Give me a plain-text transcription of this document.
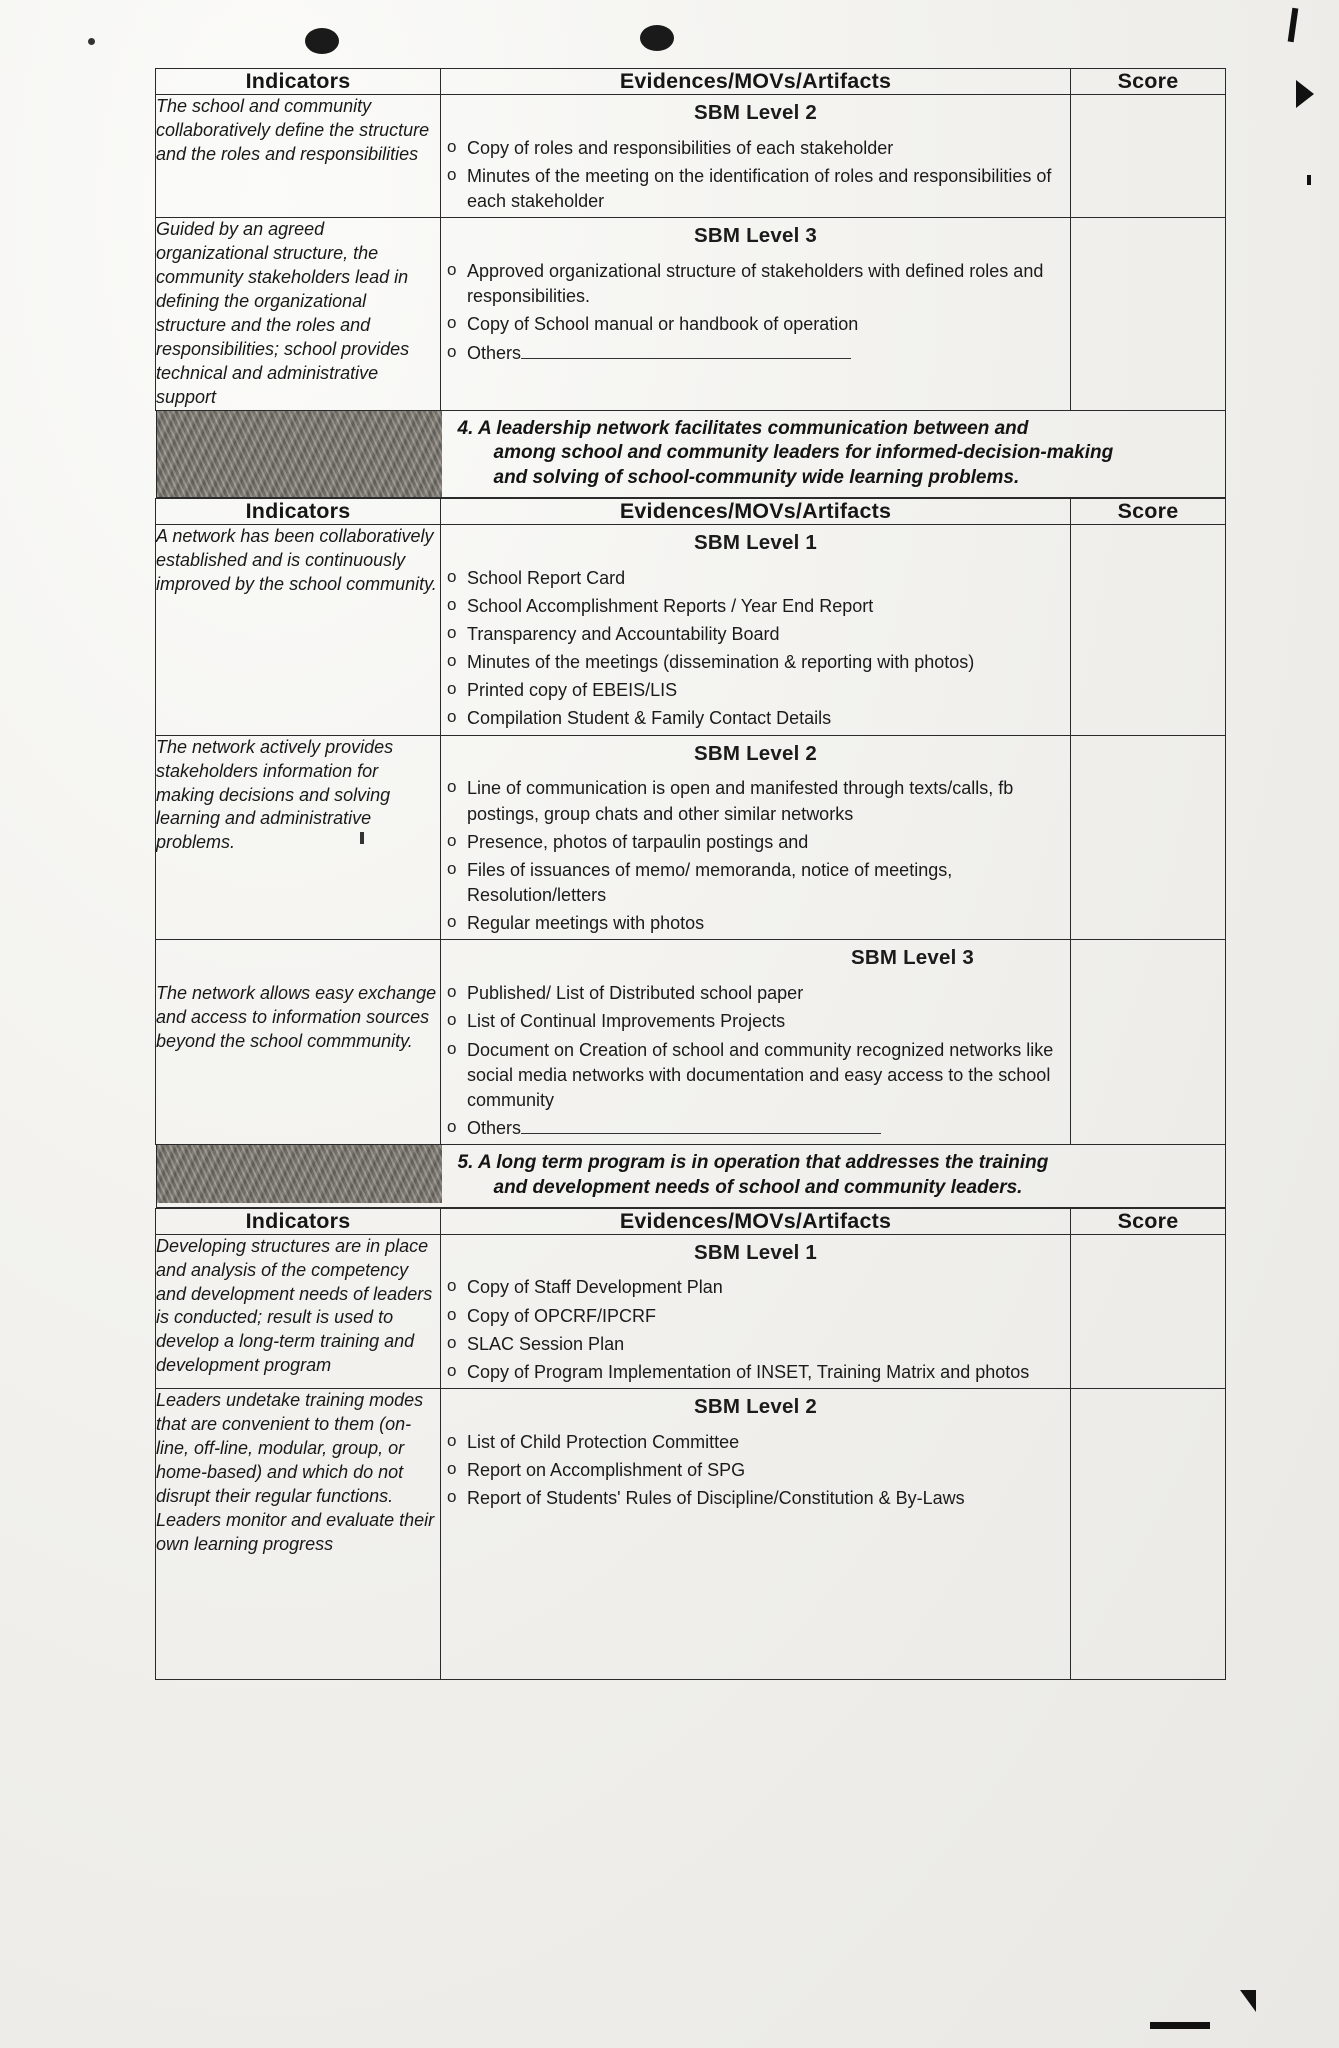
Indicators	Evidences/MOVs/Artifacts	Score
The school and community collaboratively define the structure and the roles and responsibilities	
SBM Level 2
o Copy of roles and responsibilities of each stakeholder
o Minutes of the meeting on the identification of roles and responsibilities of each stakeholder

Guided by an agreed organizational structure, the community stakeholders lead in defining the organizational structure and the roles and responsibilities; school provides technical and administrative support	
SBM Level 3
o Approved organizational structure of stakeholders with defined roles and responsibilities.
o Copy of School manual or handbook of operation
o Others

4. A leadership network facilitates communication between and
among school and community leaders for informed-decision-making
and solving of school-community wide learning problems.		

Indicators	Evidences/MOVs/Artifacts	Score
A network has been collaboratively established and is continuously improved by the school community.	
SBM Level 1
o School Report Card
o School Accomplishment Reports / Year End Report
o Transparency and Accountability Board
o Minutes of the meetings (dissemination & reporting with photos)
o Printed copy of EBEIS/LIS
o Compilation Student & Family Contact Details

The network actively provides stakeholders information for making decisions and solving learning and administrative problems.	
SBM Level 2
o Line of communication is open and manifested through texts/calls, fb postings, group chats and other similar networks
o Presence, photos of tarpaulin postings and
o Files of issuances of memo/ memoranda, notice of meetings, Resolution/letters
o Regular meetings with photos

The network allows easy exchange and access to information sources beyond the school commmunity.	
SBM Level 3
o Published/ List of Distributed school paper
o List of Continual Improvements Projects
o Document on Creation of school and community recognized networks like social media networks with documentation and easy access to the school community
o Others

5. A long term program is in operation that addresses the training
and development needs of school and community leaders.		

Indicators	Evidences/MOVs/Artifacts	Score
Developing structures are in place and analysis of the competency and development needs of leaders is conducted; result is used to develop a long-term training and development program	
SBM Level 1
o Copy of Staff Development Plan
o Copy of OPCRF/IPCRF
o SLAC Session Plan
o Copy of Program Implementation of INSET, Training Matrix and photos

Leaders undetake training modes that are convenient to them (on-line, off-line, modular, group, or home-based) and which do not disrupt their regular functions. Leaders monitor and evaluate their own learning progress	
SBM Level 2
o List of Child Protection Committee
o Report on Accomplishment of SPG
o Report of Students' Rules of Discipline/Constitution & By-Laws
